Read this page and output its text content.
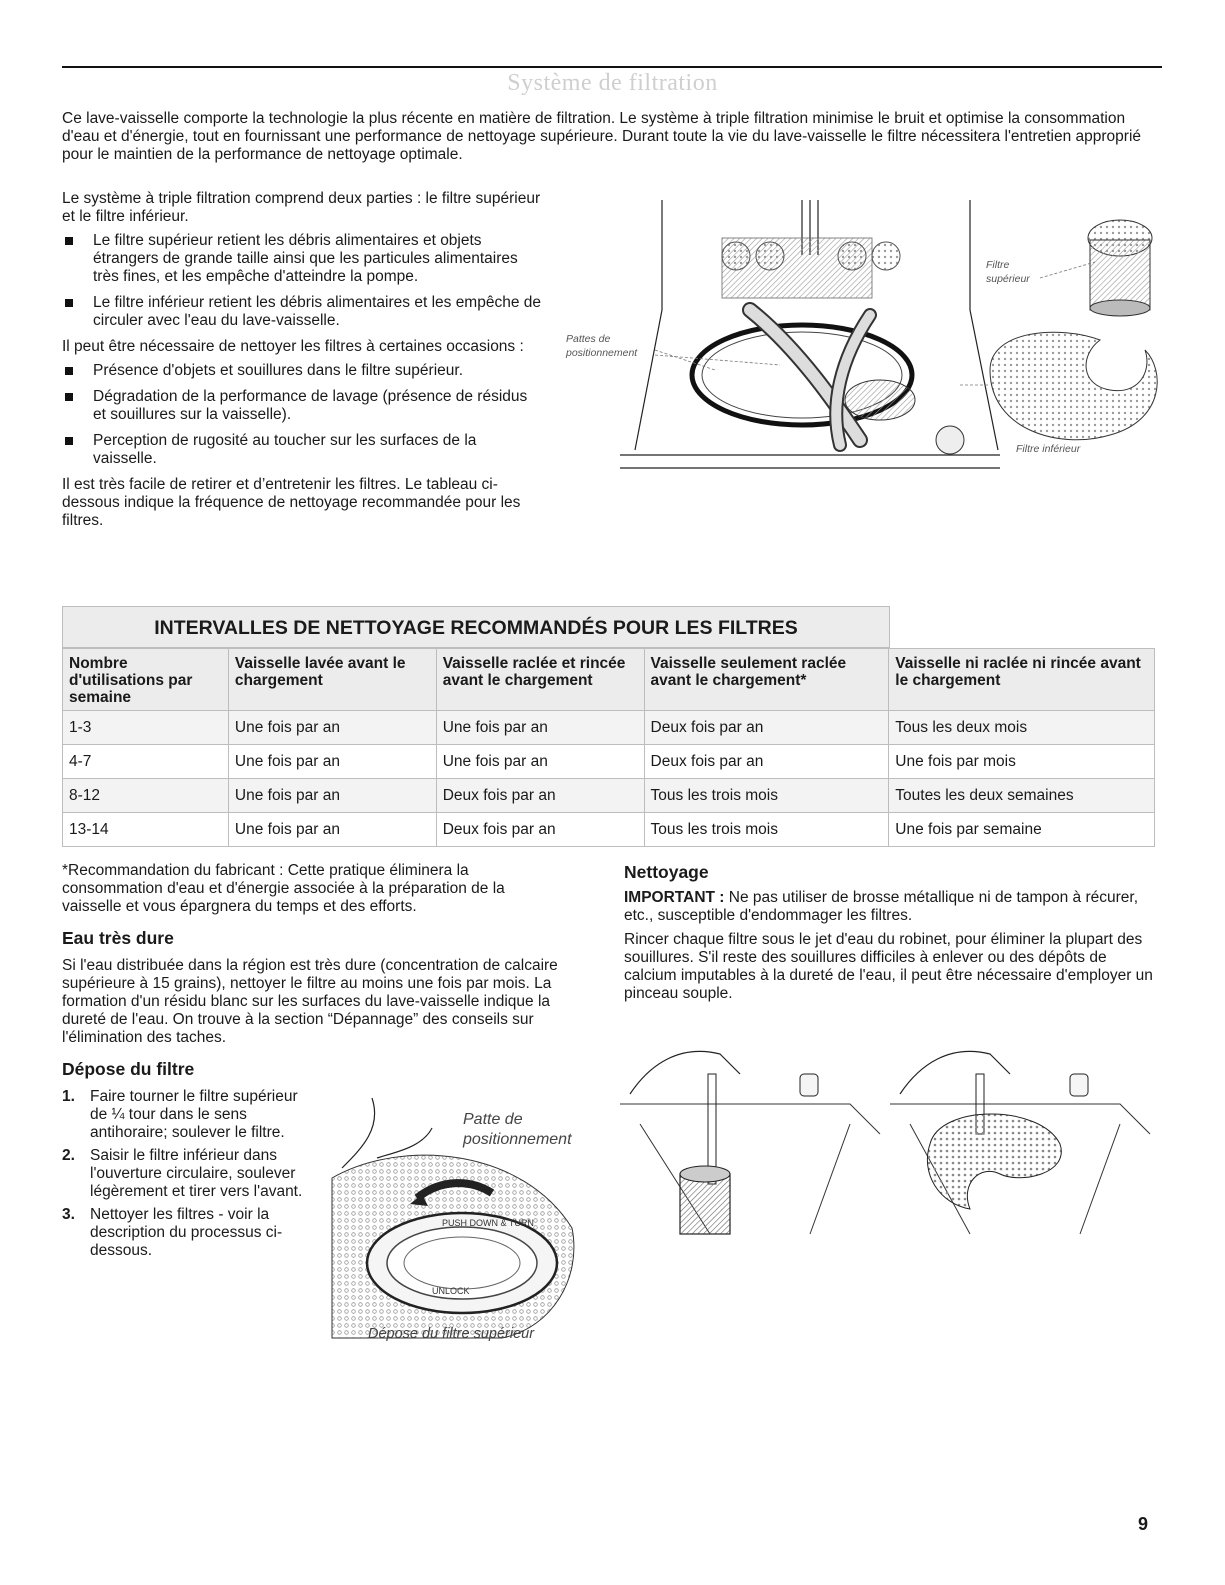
Système de filtration

Ce lave-vaisselle comporte la technologie la plus récente en matière de filtration. Le système à triple filtration minimise le bruit et optimise la consommation d'eau et d'énergie, tout en fournissant une performance de nettoyage supérieure. Durant toute la vie du lave-vaisselle le filtre nécessitera l'entretien approprié pour le maintien de la performance de nettoyage optimale.

Le système à triple filtration comprend deux parties : le filtre supérieur et le filtre inférieur.

Le filtre supérieur retient les débris alimentaires et objets étrangers de grande taille ainsi que les particules alimentaires très fines, et les empêche d'atteindre la pompe.
Le filtre inférieur retient les débris alimentaires et les empêche de circuler avec l'eau du lave-vaisselle.

Il peut être nécessaire de nettoyer les filtres à certaines occasions :

Présence d'objets et souillures dans le filtre supérieur.
Dégradation de la performance de lavage (présence de résidus et souillures sur la vaisselle).
Perception de rugosité au toucher sur les surfaces de la vaisselle.

Il est très facile de retirer et d’entretenir les filtres. Le tableau ci-dessous indique la fréquence de nettoyage recommandée pour les filtres.

Pattes de
positionnement
Filtre
supérieur
Filtre inférieur
INTERVALLES DE NETTOYAGE RECOMMANDÉS POUR LES FILTRES
Nombre d'utilisations par semaine	Vaisselle lavée avant le chargement	Vaisselle raclée et rincée avant le chargement	Vaisselle seulement raclée avant le chargement*	Vaisselle ni raclée ni rincée avant le chargement
1-3	Une fois par an	Une fois par an	Deux fois par an	Tous les deux mois
4-7	Une fois par an	Une fois par an	Deux fois par an	Une fois par mois
8-12	Une fois par an	Deux fois par an	Tous les trois mois	Toutes les deux semaines
13-14	Une fois par an	Deux fois par an	Tous les trois mois	Une fois par semaine

*Recommandation du fabricant : Cette pratique éliminera la consommation d'eau et d'énergie associée à la préparation de la vaisselle et vous épargnera du temps et des efforts.

Eau très dure

Si l'eau distribuée dans la région est très dure (concentration de calcaire supérieure à 15 grains), nettoyer le filtre au moins une fois par mois. La formation d'un résidu blanc sur les surfaces du lave-vaisselle indique la dureté de l'eau. On trouve à la section “Dépannage” des conseils sur l'élimination des taches.

Dépose du filtre
1. Faire tourner le filtre supérieur de ¼ tour dans le sens antihoraire; soulever le filtre.
2. Saisir le filtre inférieur dans l'ouverture circulaire, soulever légèrement et tirer vers l'avant.
3. Nettoyer les filtres - voir la description du processus ci-dessous.
PUSH DOWN & TURN
UNLOCK
Patte de
positionnement
Dépose du filtre supérieur
Nettoyage

IMPORTANT : Ne pas utiliser de brosse métallique ni de tampon à récurer, etc., susceptible d'endommager les filtres.

Rincer chaque filtre sous le jet d'eau du robinet, pour éliminer la plupart des souillures. S'il reste des souillures difficiles à enlever ou des dépôts de calcium imputables à la dureté de l'eau, il peut être nécessaire d'employer un pinceau souple.

9
